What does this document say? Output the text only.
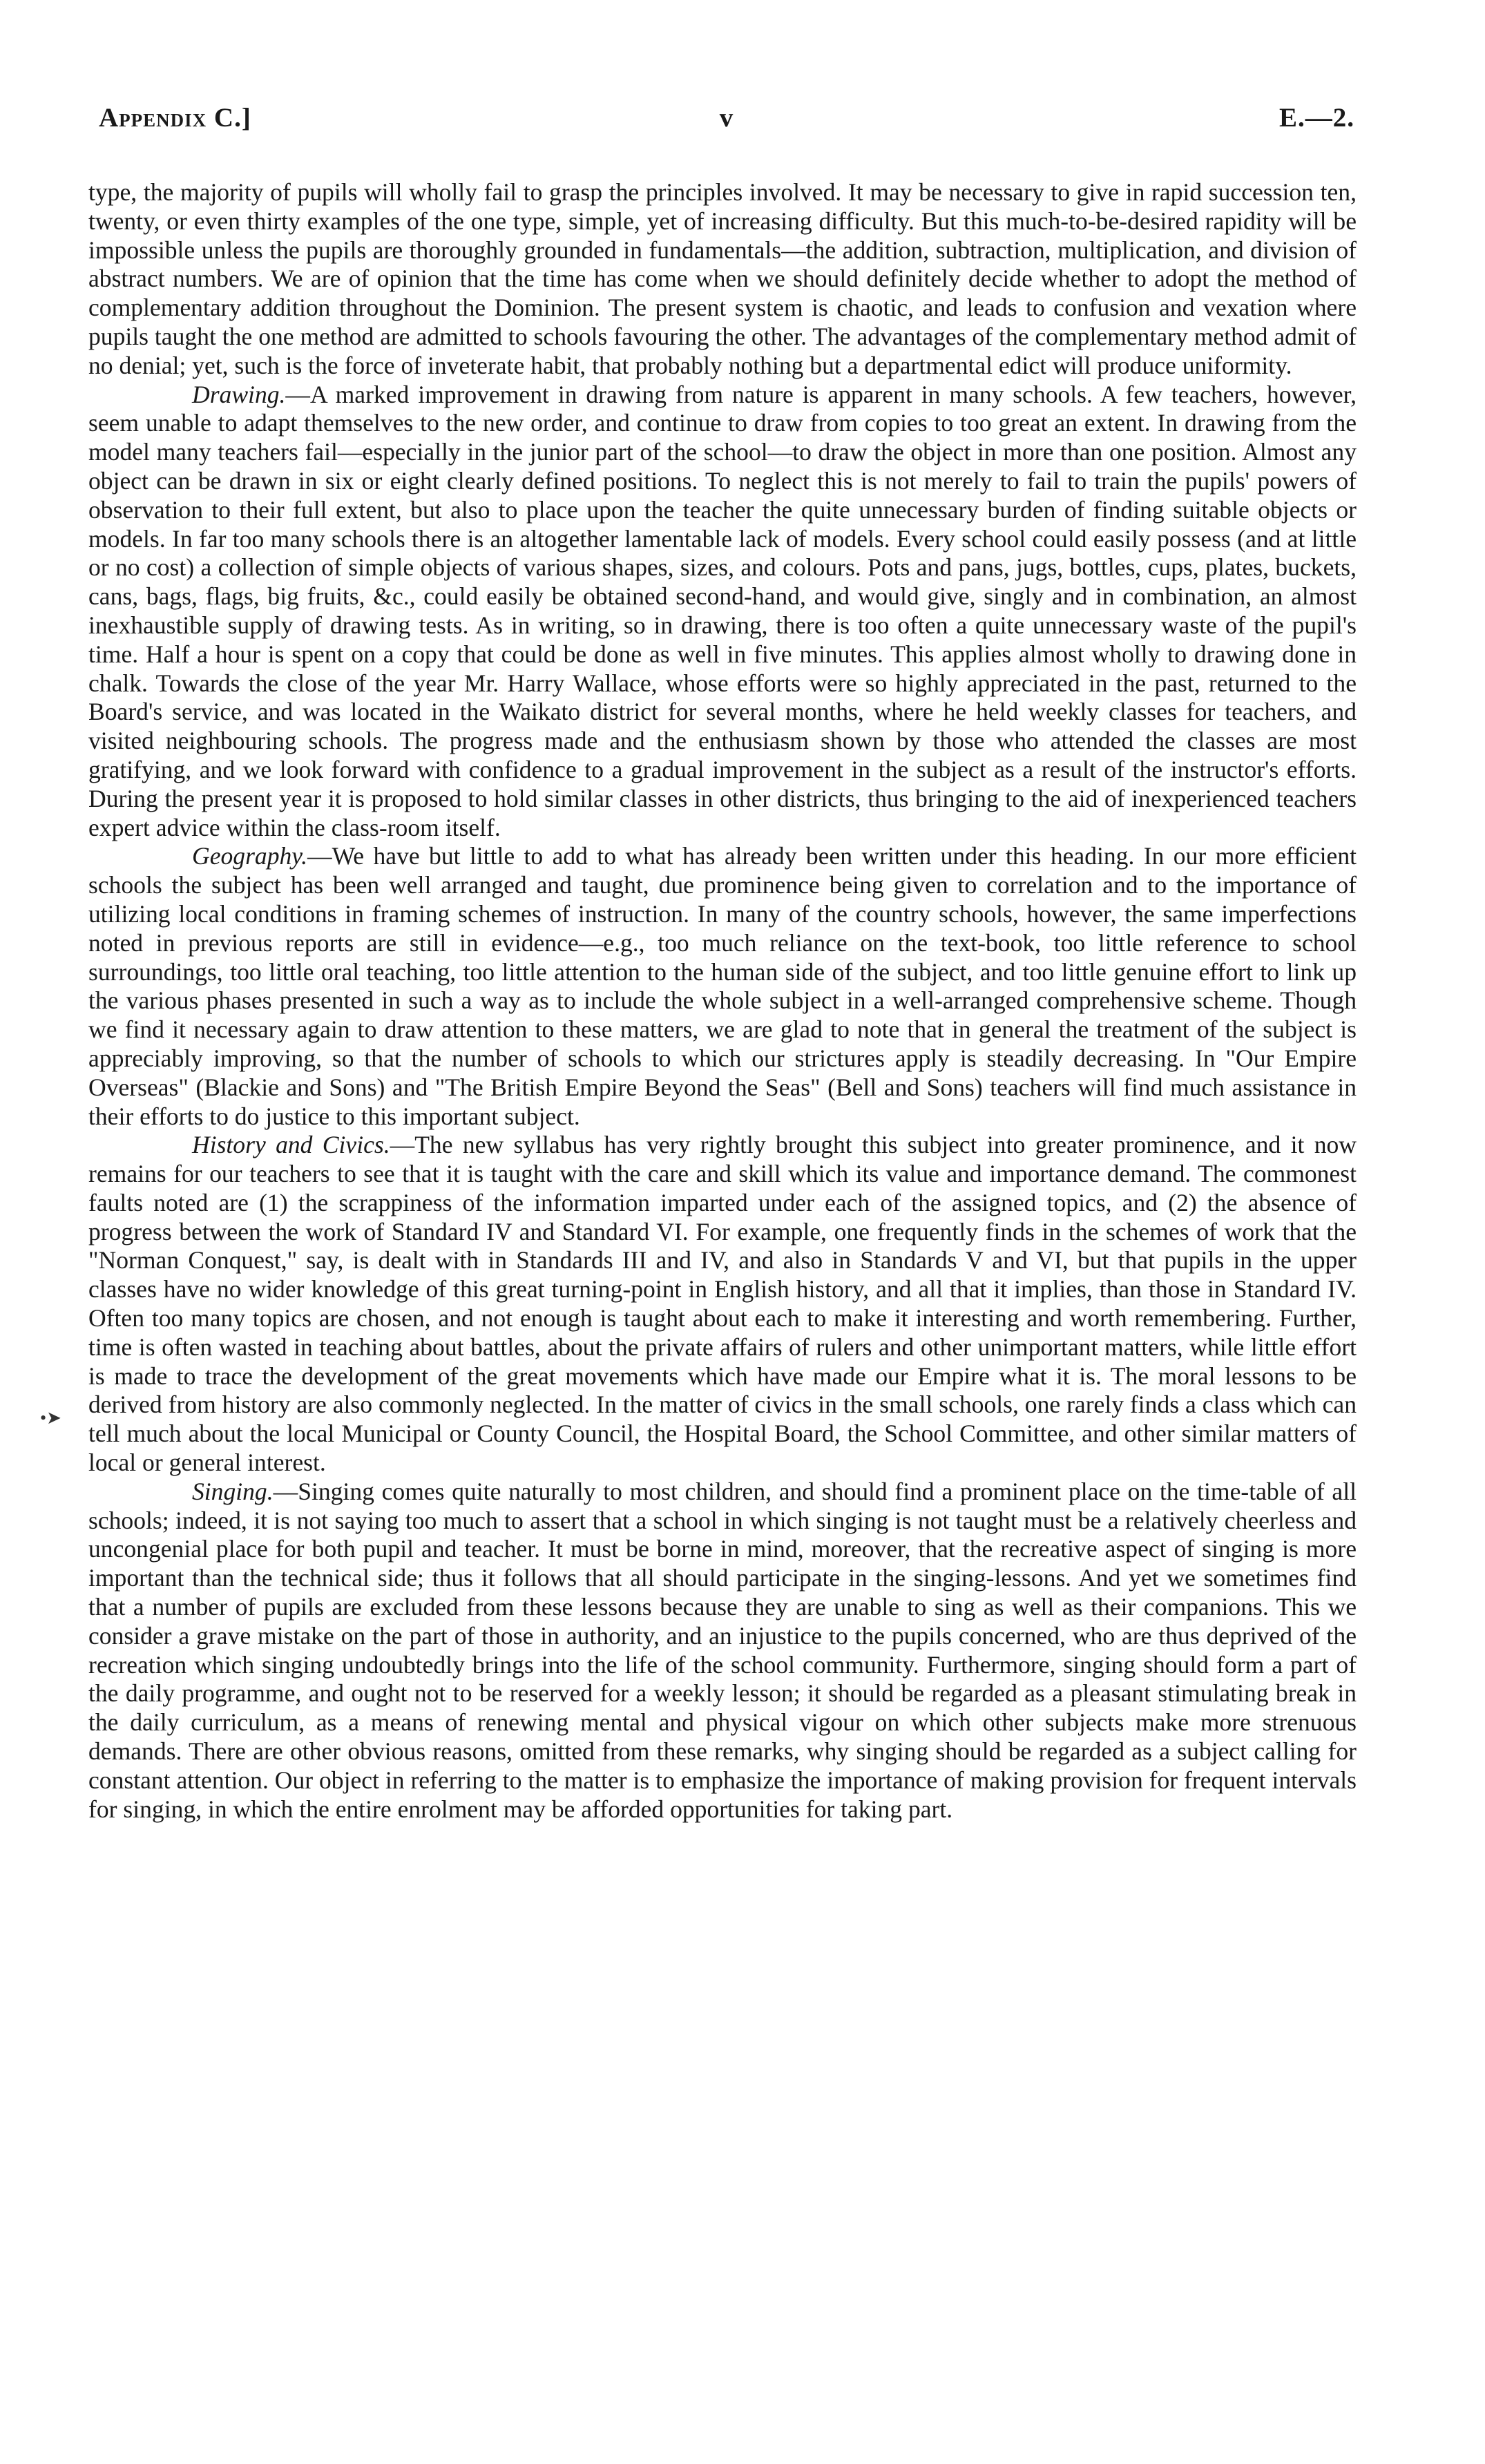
Appendix C.]	v	E.—2.
•➤

type, the majority of pupils will wholly fail to grasp the principles involved. It may be necessary to give in rapid succession ten, twenty, or even thirty examples of the one type, simple, yet of increasing difficulty. But this much-to-be-desired rapidity will be impossible unless the pupils are thoroughly grounded in fundamentals—the addition, subtraction, multiplication, and division of abstract numbers. We are of opinion that the time has come when we should definitely decide whether to adopt the method of complementary addition throughout the Dominion. The present system is chaotic, and leads to confusion and vexation where pupils taught the one method are admitted to schools favouring the other. The advantages of the complementary method admit of no denial; yet, such is the force of inveterate habit, that probably nothing but a departmental edict will produce uniformity.

Drawing.—A marked improvement in drawing from nature is apparent in many schools. A few teachers, however, seem unable to adapt themselves to the new order, and continue to draw from copies to too great an extent. In drawing from the model many teachers fail—especially in the junior part of the school—to draw the object in more than one position. Almost any object can be drawn in six or eight clearly defined positions. To neglect this is not merely to fail to train the pupils' powers of observation to their full extent, but also to place upon the teacher the quite unnecessary burden of finding suitable objects or models. In far too many schools there is an altogether lamentable lack of models. Every school could easily possess (and at little or no cost) a collection of simple objects of various shapes, sizes, and colours. Pots and pans, jugs, bottles, cups, plates, buckets, cans, bags, flags, big fruits, &c., could easily be obtained second-hand, and would give, singly and in combination, an almost inexhaustible supply of drawing tests. As in writing, so in drawing, there is too often a quite unnecessary waste of the pupil's time. Half a hour is spent on a copy that could be done as well in five minutes. This applies almost wholly to drawing done in chalk. Towards the close of the year Mr. Harry Wallace, whose efforts were so highly appreciated in the past, returned to the Board's service, and was located in the Waikato district for several months, where he held weekly classes for teachers, and visited neighbouring schools. The progress made and the enthusiasm shown by those who attended the classes are most gratifying, and we look forward with confidence to a gradual improvement in the subject as a result of the instructor's efforts. During the present year it is proposed to hold similar classes in other districts, thus bringing to the aid of inexperienced teachers expert advice within the class-room itself.

Geography.—We have but little to add to what has already been written under this heading. In our more efficient schools the subject has been well arranged and taught, due prominence being given to correlation and to the importance of utilizing local conditions in framing schemes of instruction. In many of the country schools, however, the same imperfections noted in previous reports are still in evidence—e.g., too much reliance on the text-book, too little reference to school surroundings, too little oral teaching, too little attention to the human side of the subject, and too little genuine effort to link up the various phases presented in such a way as to include the whole subject in a well-arranged comprehensive scheme. Though we find it necessary again to draw attention to these matters, we are glad to note that in general the treatment of the subject is appreciably improving, so that the number of schools to which our strictures apply is steadily decreasing. In "Our Empire Overseas" (Blackie and Sons) and "The British Empire Beyond the Seas" (Bell and Sons) teachers will find much assistance in their efforts to do justice to this important subject.

History and Civics.—The new syllabus has very rightly brought this subject into greater prominence, and it now remains for our teachers to see that it is taught with the care and skill which its value and importance demand. The commonest faults noted are (1) the scrappiness of the information imparted under each of the assigned topics, and (2) the absence of progress between the work of Standard IV and Standard VI. For example, one frequently finds in the schemes of work that the "Norman Conquest," say, is dealt with in Standards III and IV, and also in Standards V and VI, but that pupils in the upper classes have no wider knowledge of this great turning-point in English history, and all that it implies, than those in Standard IV. Often too many topics are chosen, and not enough is taught about each to make it interesting and worth remembering. Further, time is often wasted in teaching about battles, about the private affairs of rulers and other unimportant matters, while little effort is made to trace the development of the great movements which have made our Empire what it is. The moral lessons to be derived from history are also commonly neglected. In the matter of civics in the small schools, one rarely finds a class which can tell much about the local Municipal or County Council, the Hospital Board, the School Committee, and other similar matters of local or general interest.

Singing.—Singing comes quite naturally to most children, and should find a prominent place on the time-table of all schools; indeed, it is not saying too much to assert that a school in which singing is not taught must be a relatively cheerless and uncongenial place for both pupil and teacher. It must be borne in mind, moreover, that the recreative aspect of singing is more important than the technical side; thus it follows that all should participate in the singing-lessons. And yet we sometimes find that a number of pupils are excluded from these lessons because they are unable to sing as well as their companions. This we consider a grave mistake on the part of those in authority, and an injustice to the pupils concerned, who are thus deprived of the recreation which singing undoubtedly brings into the life of the school community. Furthermore, singing should form a part of the daily programme, and ought not to be reserved for a weekly lesson; it should be regarded as a pleasant stimulating break in the daily curriculum, as a means of renewing mental and physical vigour on which other subjects make more strenuous demands. There are other obvious reasons, omitted from these remarks, why singing should be regarded as a subject calling for constant attention. Our object in referring to the matter is to emphasize the importance of making provision for frequent intervals for singing, in which the entire enrolment may be afforded opportunities for taking part.
